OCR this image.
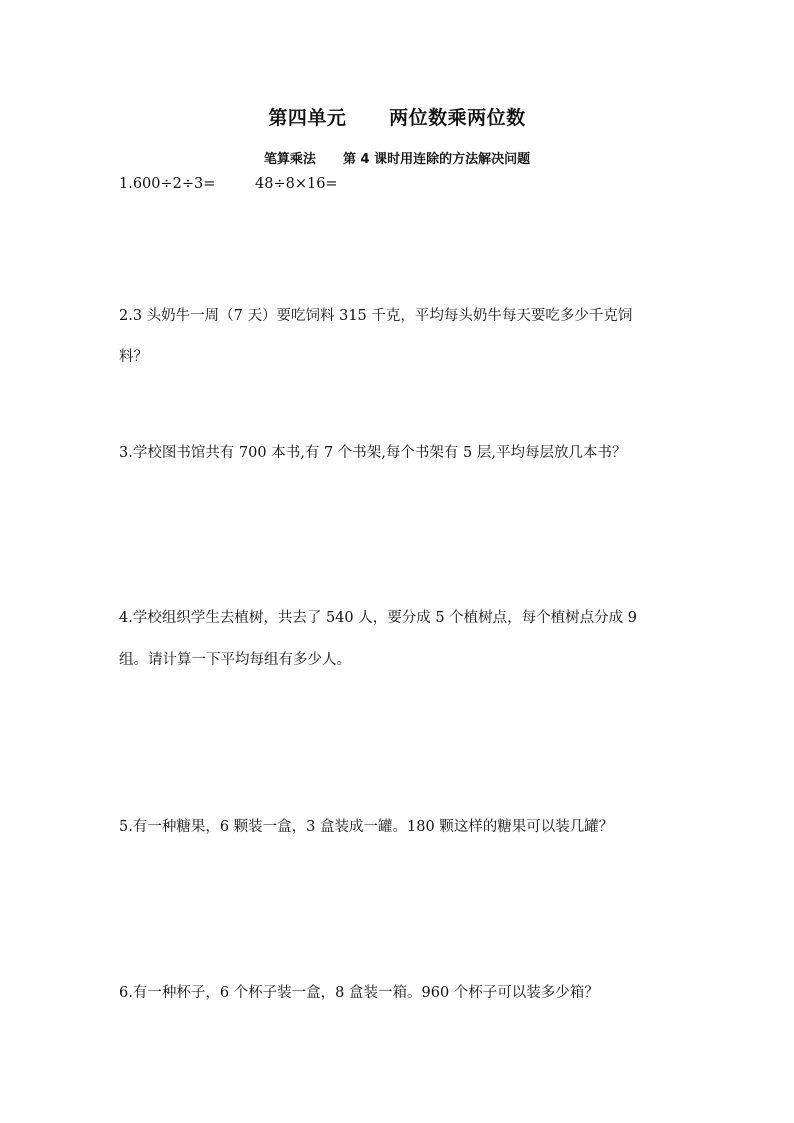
第四单元      两位数乘两位数
笔算乘法      第 4 课时用连除的方法解决问题
1.600÷2÷3=	48÷8×16=
2.3 头奶牛一周（7 天）要吃饲料 315 千克，平均每头奶牛每天要吃多少千克饲
料？
3.学校图书馆共有 700 本书,有 7 个书架,每个书架有 5 层,平均每层放几本书？
4.学校组织学生去植树，共去了 540 人，要分成 5 个植树点，每个植树点分成 9
组。请计算一下平均每组有多少人。
5.有一种糖果，6 颗装一盒，3 盒装成一罐。180 颗这样的糖果可以装几罐？
6.有一种杯子，6 个杯子装一盒，8 盒装一箱。960 个杯子可以装多少箱？
